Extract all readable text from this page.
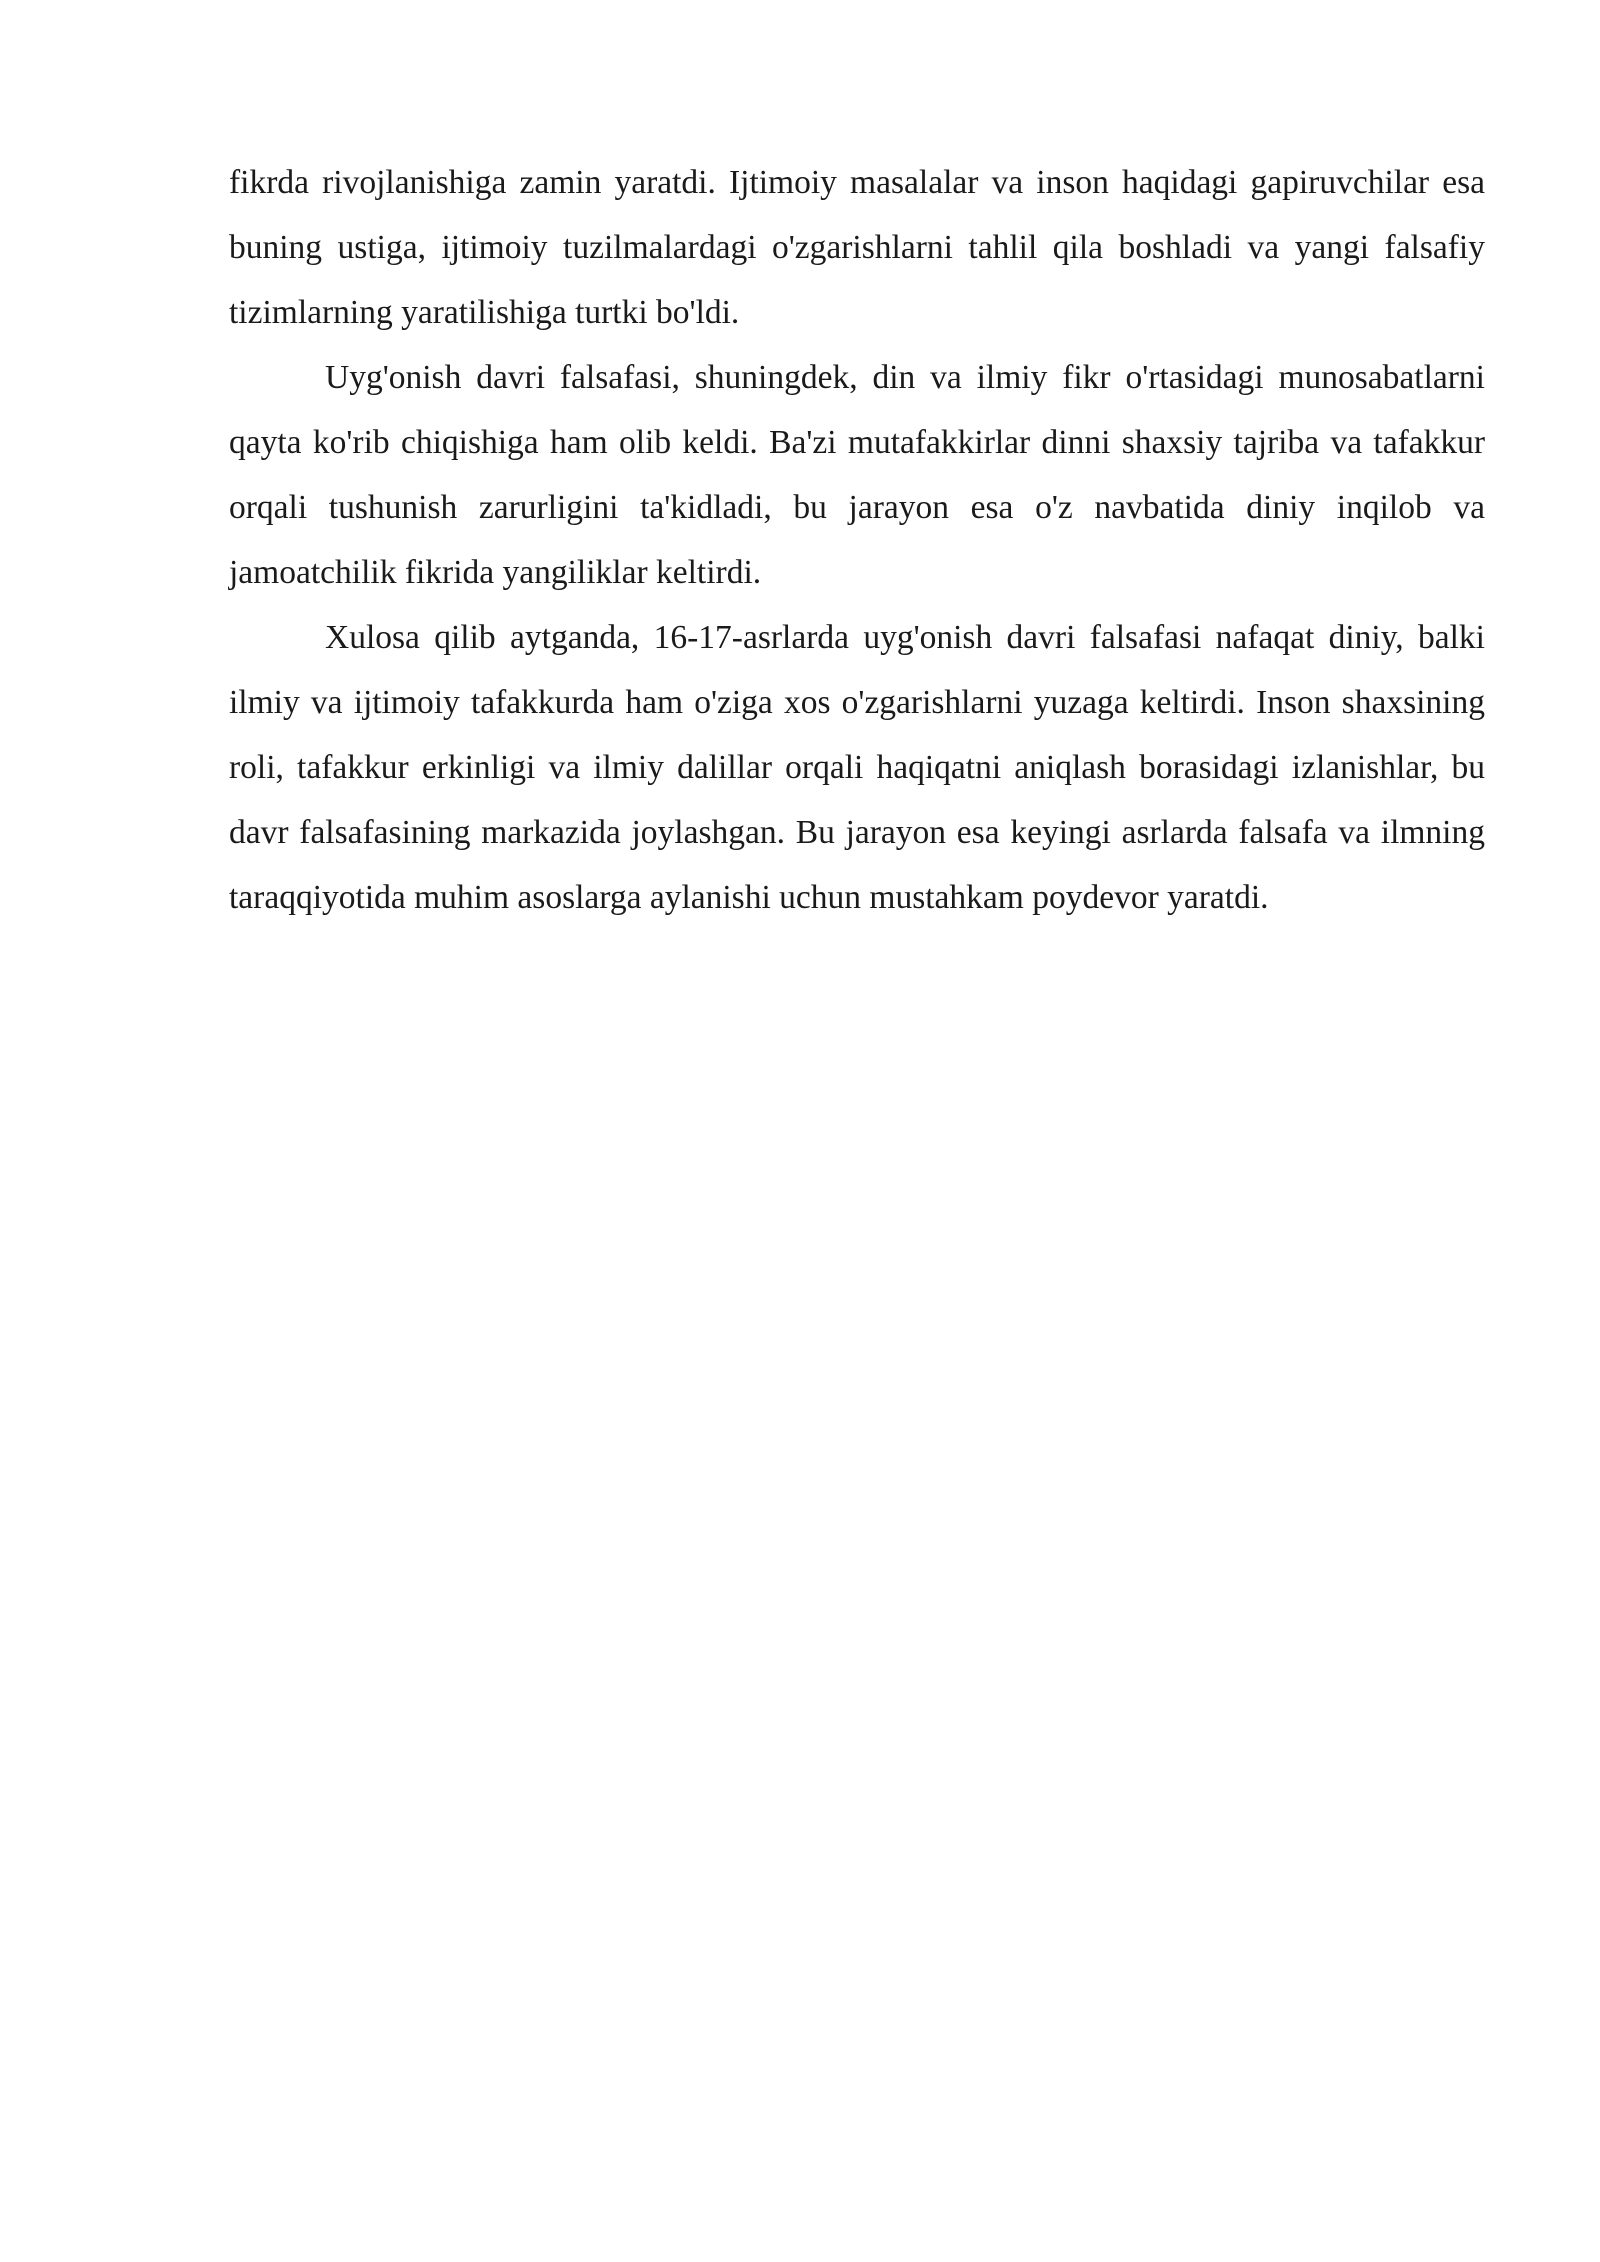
fikrda rivojlanishiga zamin yaratdi. Ijtimoiy masalalar va inson haqidagi gapiruvchilar esa buning ustiga, ijtimoiy tuzilmalardagi o'zgarishlarni tahlil qila boshladi va yangi falsafiy tizimlarning yaratilishiga turtki bo'ldi.

Uyg'onish davri falsafasi, shuningdek, din va ilmiy fikr o'rtasidagi munosabatlarni qayta ko'rib chiqishiga ham olib keldi. Ba'zi mutafakkirlar dinni shaxsiy tajriba va tafakkur orqali tushunish zarurligini ta'kidladi, bu jarayon esa o'z navbatida diniy inqilob va jamoatchilik fikrida yangiliklar keltirdi.

Xulosa qilib aytganda, 16-17-asrlarda uyg'onish davri falsafasi nafaqat diniy, balki ilmiy va ijtimoiy tafakkurda ham o'ziga xos o'zgarishlarni yuzaga keltirdi. Inson shaxsining roli, tafakkur erkinligi va ilmiy dalillar orqali haqiqatni aniqlash borasidagi izlanishlar, bu davr falsafasining markazida joylashgan. Bu jarayon esa keyingi asrlarda falsafa va ilmning taraqqiyotida muhim asoslarga aylanishi uchun mustahkam poydevor yaratdi.
